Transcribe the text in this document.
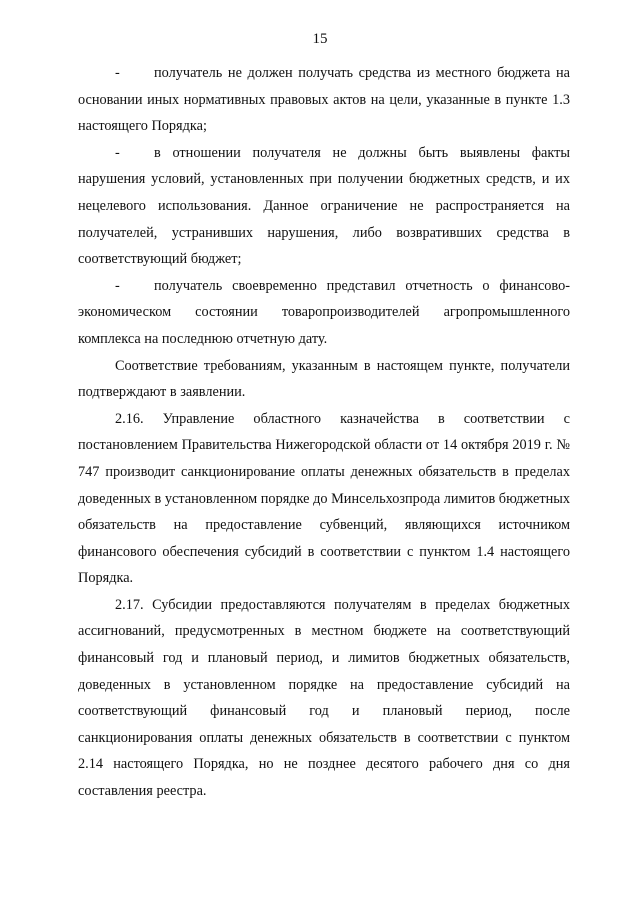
15

- получатель не должен получать средства из местного бюджета на основании иных нормативных правовых актов на цели, указанные в пункте 1.3 настоящего Порядка;

- в отношении получателя не должны быть выявлены факты нарушения условий, установленных при получении бюджетных средств, и их нецелевого использования. Данное ограничение не распространяется на получателей, устранивших нарушения, либо возвративших средства в соответствующий бюджет;

- получатель своевременно представил отчетность о финансово-экономическом состоянии товаропроизводителей агропромышленного комплекса на последнюю отчетную дату.

Соответствие требованиям, указанным в настоящем пункте, получатели подтверждают в заявлении.

2.16. Управление областного казначейства в соответствии с постановлением Правительства Нижегородской области от 14 октября 2019 г. № 747 производит санкционирование оплаты денежных обязательств в пределах доведенных в установленном порядке до Минсельхозпрода лимитов бюджетных обязательств на предоставление субвенций, являющихся источником финансового обеспечения субсидий в соответствии с пунктом 1.4 настоящего Порядка.

2.17. Субсидии предоставляются получателям в пределах бюджетных ассигнований, предусмотренных в местном бюджете на соответствующий финансовый год и плановый период, и лимитов бюджетных обязательств, доведенных в установленном порядке на предоставление субсидий на соответствующий финансовый год и плановый период, после санкционирования оплаты денежных обязательств в соответствии с пунктом 2.14 настоящего Порядка, но не позднее десятого рабочего дня со дня составления реестра.
